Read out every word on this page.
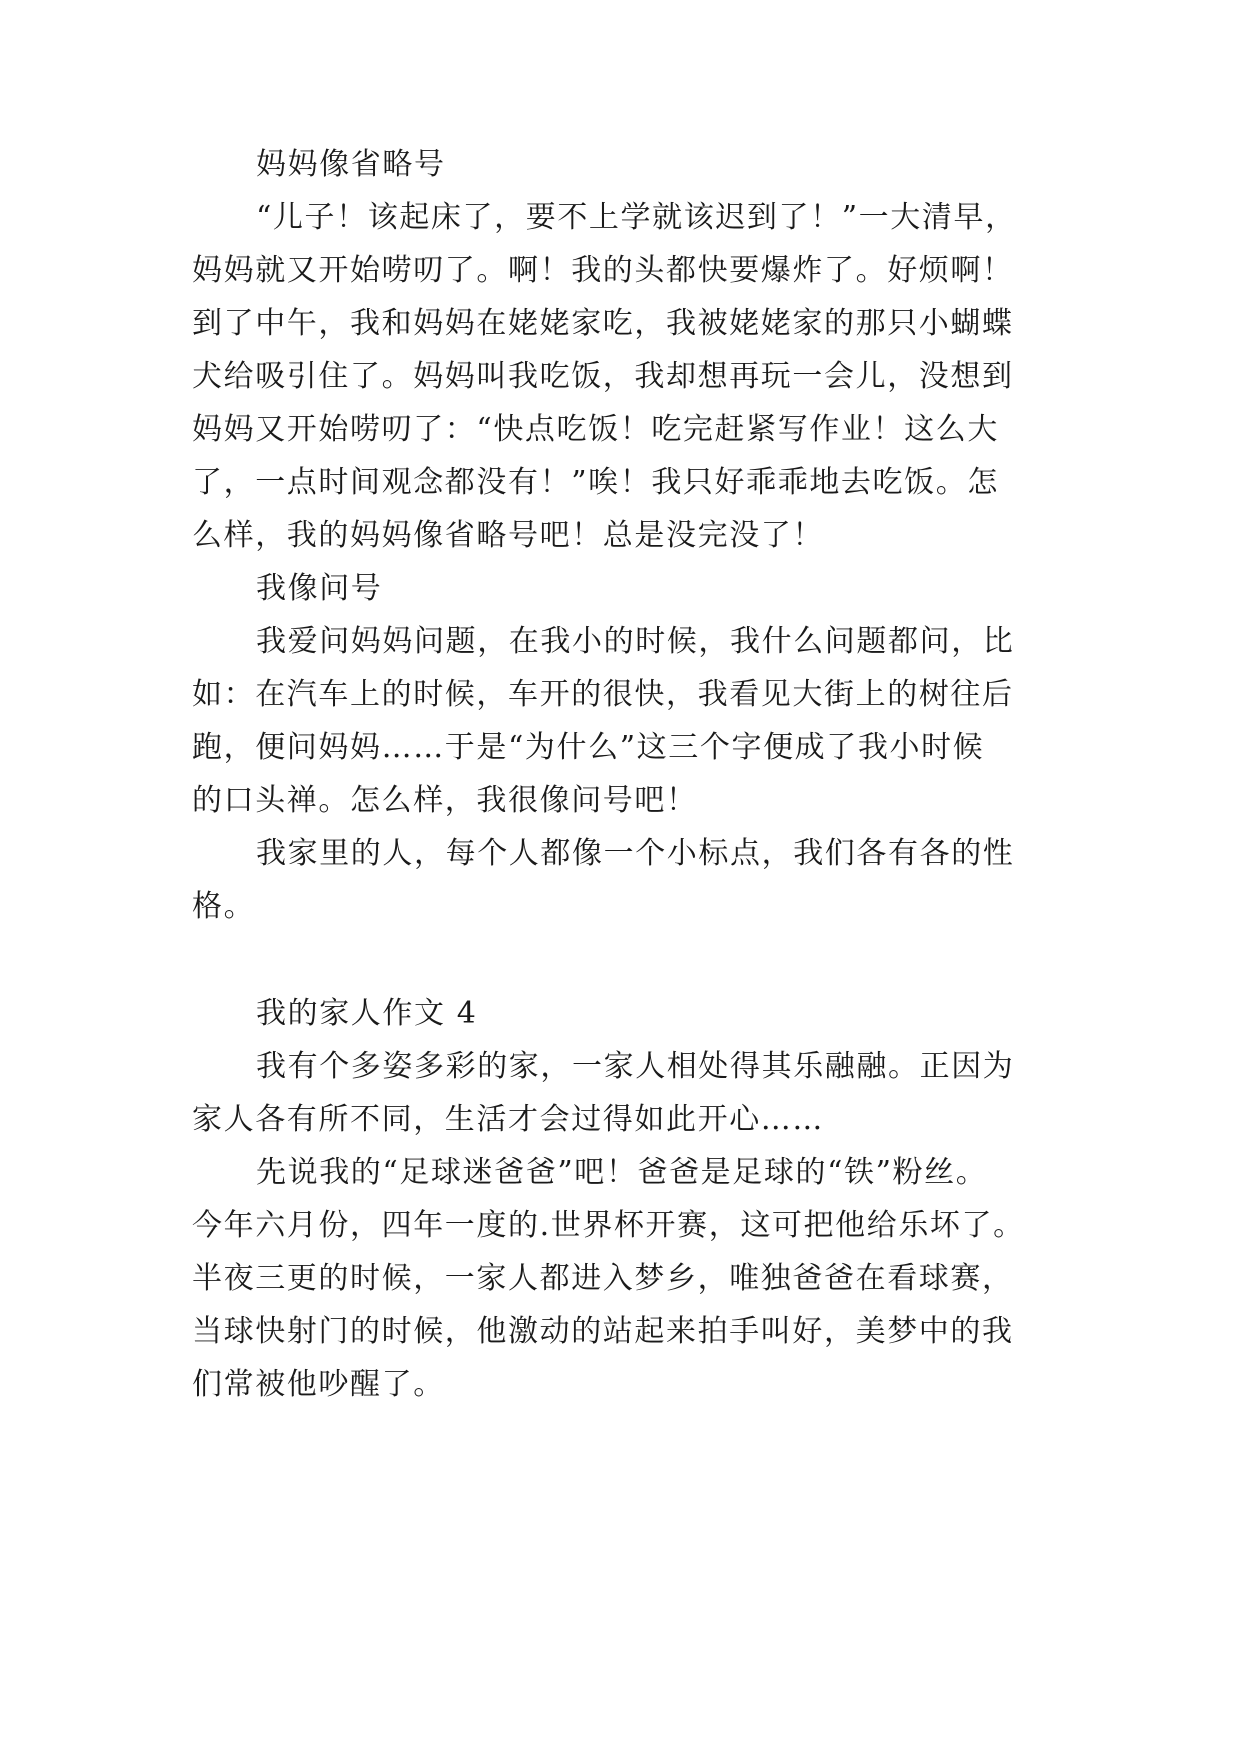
妈妈像省略号
“儿子！该起床了，要不上学就该迟到了！”一大清早，
妈妈就又开始唠叨了。啊！我的头都快要爆炸了。好烦啊！
到了中午，我和妈妈在姥姥家吃，我被姥姥家的那只小蝴蝶
犬给吸引住了。妈妈叫我吃饭，我却想再玩一会儿，没想到
妈妈又开始唠叨了：“快点吃饭！吃完赶紧写作业！这么大
了，一点时间观念都没有！”唉！我只好乖乖地去吃饭。怎
么样，我的妈妈像省略号吧！总是没完没了！
我像问号
我爱问妈妈问题，在我小的时候，我什么问题都问，比
如：在汽车上的时候，车开的很快，我看见大街上的树往后
跑，便问妈妈……于是“为什么”这三个字便成了我小时候
的口头禅。怎么样，我很像问号吧！
我家里的人，每个人都像一个小标点，我们各有各的性
格。
我的家人作文 4
我有个多姿多彩的家，一家人相处得其乐融融。正因为
家人各有所不同，生活才会过得如此开心……
先说我的“足球迷爸爸”吧！爸爸是足球的“铁”粉丝。
今年六月份，四年一度的.世界杯开赛，这可把他给乐坏了。
半夜三更的时候，一家人都进入梦乡，唯独爸爸在看球赛，
当球快射门的时候，他激动的站起来拍手叫好，美梦中的我
们常被他吵醒了。
